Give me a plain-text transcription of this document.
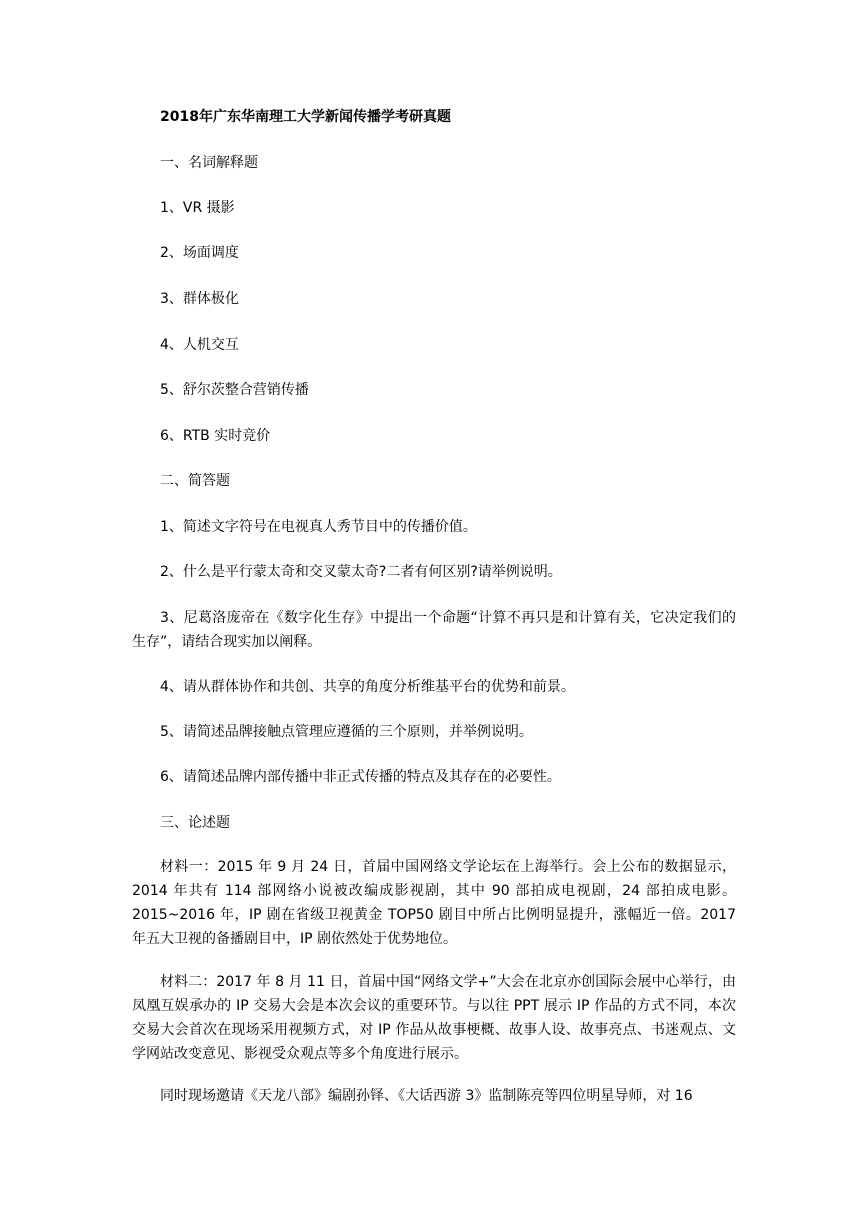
2018年广东华南理工大学新闻传播学考研真题
一、名词解释题
1、VR 摄影
2、场面调度
3、群体极化
4、人机交互
5、舒尔茨整合营销传播
6、RTB 实时竞价
二、简答题
1、简述文字符号在电视真人秀节目中的传播价值。
2、什么是平行蒙太奇和交叉蒙太奇?二者有何区别?请举例说明。
3、尼葛洛庞帝在《数字化生存》中提出一个命题“计算不再只是和计算有关，它决定我们的生存”，请结合现实加以阐释。
4、请从群体协作和共创、共享的角度分析维基平台的优势和前景。
5、请简述品牌接触点管理应遵循的三个原则，并举例说明。
6、请简述品牌内部传播中非正式传播的特点及其存在的必要性。
三、论述题
材料一：2015 年 9 月 24 日，首届中国网络文学论坛在上海举行。会上公布的数据显示，2014 年共有 114 部网络小说被改编成影视剧，其中 90 部拍成电视剧，24 部拍成电影。2015~2016 年，IP 剧在省级卫视黄金 TOP50 剧目中所占比例明显提升，涨幅近一倍。2017 年五大卫视的备播剧目中，IP 剧依然处于优势地位。
材料二：2017 年 8 月 11 日，首届中国“网络文学+”大会在北京亦创国际会展中心举行，由凤凰互娱承办的 IP 交易大会是本次会议的重要环节。与以往 PPT 展示 IP 作品的方式不同，本次交易大会首次在现场采用视频方式，对 IP 作品从故事梗概、故事人设、故事亮点、书迷观点、文学网站改变意见、影视受众观点等多个角度进行展示。
同时现场邀请《天龙八部》编剧孙铎、《大话西游 3》监制陈亮等四位明星导师，对 16
